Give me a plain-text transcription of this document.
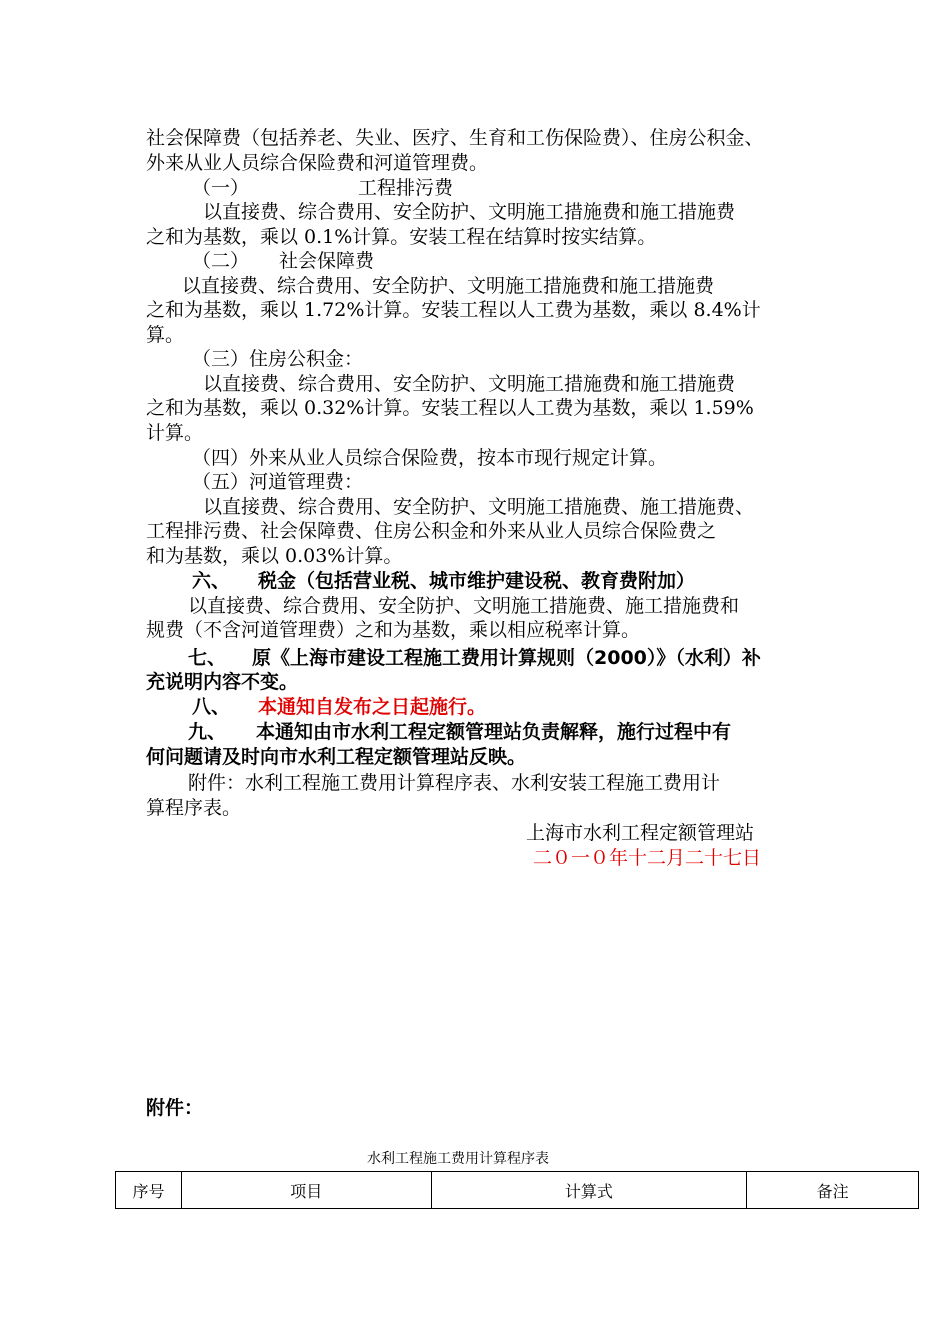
社会保障费（包括养老、失业、医疗、生育和工伤保险费）、住房公积金、
外来从业人员综合保险费和河道管理费。
（一）	工程排污费
以直接费、综合费用、安全防护、文明施工措施费和施工措施费
之和为基数，乘以 0.1%计算。安装工程在结算时按实结算。
（二） 社会保障费
以直接费、综合费用、安全防护、文明施工措施费和施工措施费
之和为基数，乘以 1.72%计算。安装工程以人工费为基数，乘以 8.4%计
算。
（三）住房公积金：
以直接费、综合费用、安全防护、文明施工措施费和施工措施费
之和为基数，乘以 0.32%计算。安装工程以人工费为基数，乘以 1.59%
计算。
（四）外来从业人员综合保险费，按本市现行规定计算。
（五）河道管理费：
以直接费、综合费用、安全防护、文明施工措施费、施工措施费、
工程排污费、社会保障费、住房公积金和外来从业人员综合保险费之
和为基数，乘以 0.03%计算。
六、 税金（包括营业税、城市维护建设税、教育费附加）
以直接费、综合费用、安全防护、文明施工措施费、施工措施费和
规费（不含河道管理费）之和为基数，乘以相应税率计算。
七、 原《上海市建设工程施工费用计算规则（2000）》（水利）补
充说明内容不变。
八、 本通知自发布之日起施行。
九、 本通知由市水利工程定额管理站负责解释，施行过程中有
何问题请及时向市水利工程定额管理站反映。
附件：水利工程施工费用计算程序表、水利安装工程施工费用计
算程序表。
上海市水利工程定额管理站
二０一０年十二月二十七日
附件：
水利工程施工费用计算程序表
序号	项目	计算式	备注
